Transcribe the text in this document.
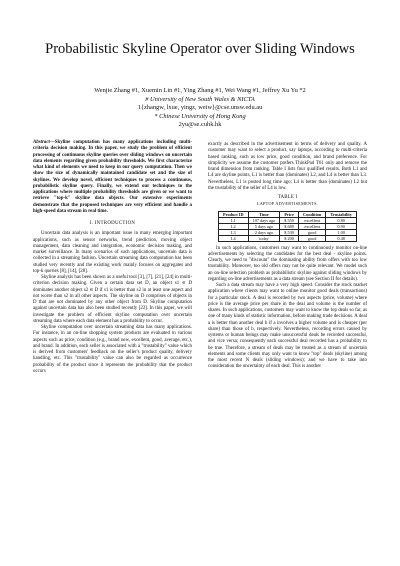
Probabilistic Skyline Operator over Sliding Windows
Wenjie Zhang #1, Xuemin Lin #1, Ying Zhang #1, Wei Wang #1, Jeffrey Xu Yu *2
# University of New South Wales & NICTA
1{zhangw, lxue, yingz, weiw}@cse.unsw.edu.au
* Chinese University of Hong Kong
2yu@se.cuhk.hk

Abstract—Skyline computation has many applications including multi-criteria decision making. In this paper, we study the problem of efficient processing of continuous skyline queries over sliding windows on uncertain data elements regarding given probability thresholds. We first characterize what kind of elements we need to keep in our query computation. Then we show the size of dynamically maintained candidate set and the size of skylines. We develop novel, efficient techniques to process a continuous, probabilistic skyline query. Finally, we extend our techniques to the applications where multiple probability thresholds are given or we want to retrieve "top-k" skyline data objects. Our extensive experiments demonstrate that the proposed techniques are very efficient and handle a high-speed data stream in real time.

I. INTRODUCTION

Uncertain data analysis is an important issue in many emerging important applications, such as sensor networks, trend prediction, moving object management, data cleaning and integration, economic decision making, and market surveillance. In many scenarios of such applications, uncertain data is collected in a streaming fashion. Uncertain streaming data computation has been studied very recently and the existing work mainly focuses on aggregates and top-k queries [8], [14], [28].

Skyline analysis has been shown as a useful tool [3], [7], [21], [24] in multi-criterion decision making. Given a certain data set D, an object s1 ∈ D dominates another object s2 ∈ D if s1 is better than s2 in at least one aspect and not worse than s2 in all other aspects. The skyline on D comprises of objects in D that are not dominated by any other object from D. Skyline computation against uncertain data has also been studied recently [22]. In this paper, we will investigate the problem of efficient skyline computation over uncertain streaming data where each data element has a probability to occur.

Skyline computation over uncertain streaming data has many applications. For instance, in an on-line shopping system products are evaluated in various aspects such as price, condition (e.g., brand new, excellent, good, average, etc.), and brand. In addition, each seller is associated with a "trustability" value which is derived from customers' feedback on the seller's product quality, delivery handling, etc. This "trustability" value can also be regarded as occurrence probability of the product since it represents the probability that the product occurs

exactly as described in the advertisement in terms of delivery and quality. A customer may want to select a product, say laptops, according to multi-criteria based ranking, such as low price, good condition, and brand preference. For simplicity we assume the customer prefers ThinkPad T61 only and remove the brand dimension from ranking. Table I lists four qualified results. Both L1 and L4 are skyline points, L1 is better than (dominates) L2, and L4 is better than L3. Nevertheless, L1 is posted long time ago; L4 is better than (dominates) L2 but the trustability of the seller of L4 is low.

TABLE I

LAPTOP ADVERTISEMENTS.

Product ID	Time	Price	Condition	Trustability
L1	107 days ago	$ 550	excellent	0.80
L2	5 days ago	$ 680	excellent	0.90
L3	2 days ago	$ 530	good	1.00
L4	today	$ 200	good	0.48

In such applications, customers may want to continuously monitor on-line advertisements by selecting the candidates for the best deal - skyline points. Clearly, we need to "discount" the dominating ability from offers with too low trustability. Moreover, too old offers may not be quite relevant. We model such an on-line selection problem as probabilistic skyline against sliding windows by regarding on-line advertisements as a data stream (see Section II for details).

Such a data stream may have a very high speed. Consider the stock market application where clients may want to online monitor good deals (transactions) for a particular stock. A deal is recorded by two aspects (price, volume) where price is the average price per share in the deal and volume is the number of shares. In such applications, customers may want to know the top deals so far, as one of many kinds of statistic information, before making trade decisions. A deal a is better than another deal b if a involves a higher volume and is cheaper (per share) than those of b, respectively. Nevertheless, recording errors caused by systems or human beings may make unsuccessful deals be recorded successful, and vice versa; consequently each successful deal recorded has a probability to be true. Therefore, a stream of deals may be treated as a stream of uncertain elements and some clients may only want to know "top" deals (skyline) among the most recent N deals (sliding windows); and we have to take into consideration the uncertainty of each deal. This is another
